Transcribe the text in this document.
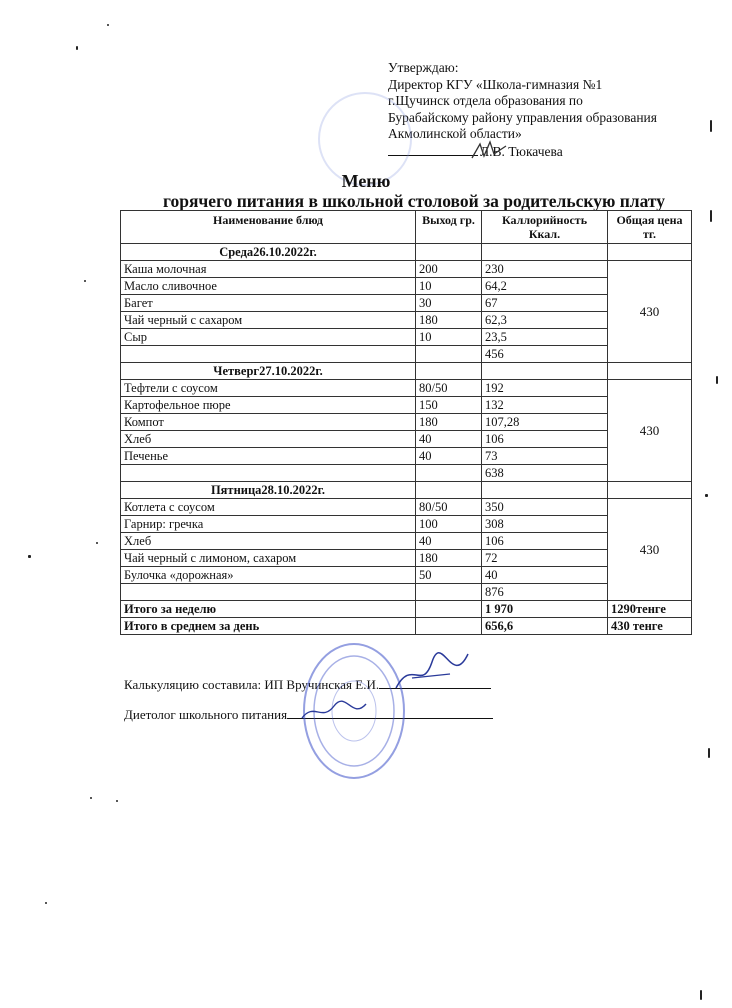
Утверждаю:
Директор КГУ «Школа-гимназия №1
г.Щучинск отдела образования по
Бурабайскому району управления образования
Акмолинской области»
Л.В. Тюкачева
Меню
горячего питания в школьной столовой за родительскую плату
Наименование блюд	Выход гр.	Каллорийность Ккал.	Общая цена тг.
Среда26.10.2022г.			
Каша молочная	200	230	430
Масло сливочное	10	64,2	
Багет	30	67	
Чай черный с сахаром	180	62,3	
Сыр	10	23,5	
		456	
Четверг27.10.2022г.			
Тефтели с соусом	80/50	192	430
Картофельное пюре	150	132	
Компот	180	107,28	
Хлеб	40	106	
Печенье	40	73	
		638	
Пятница28.10.2022г.			
Котлета с соусом	80/50	350	430
Гарнир: гречка	100	308	
Хлеб	40	106	
Чай черный с лимоном, сахаром	180	72	
Булочка «дорожная»	50	40	
		876	
Итого за неделю		1 970	1290тенге
Итого в среднем за день		656,6	430 тенге
Калькуляцию составила: ИП Вручинская Е.И.
Диетолог школьного питания
